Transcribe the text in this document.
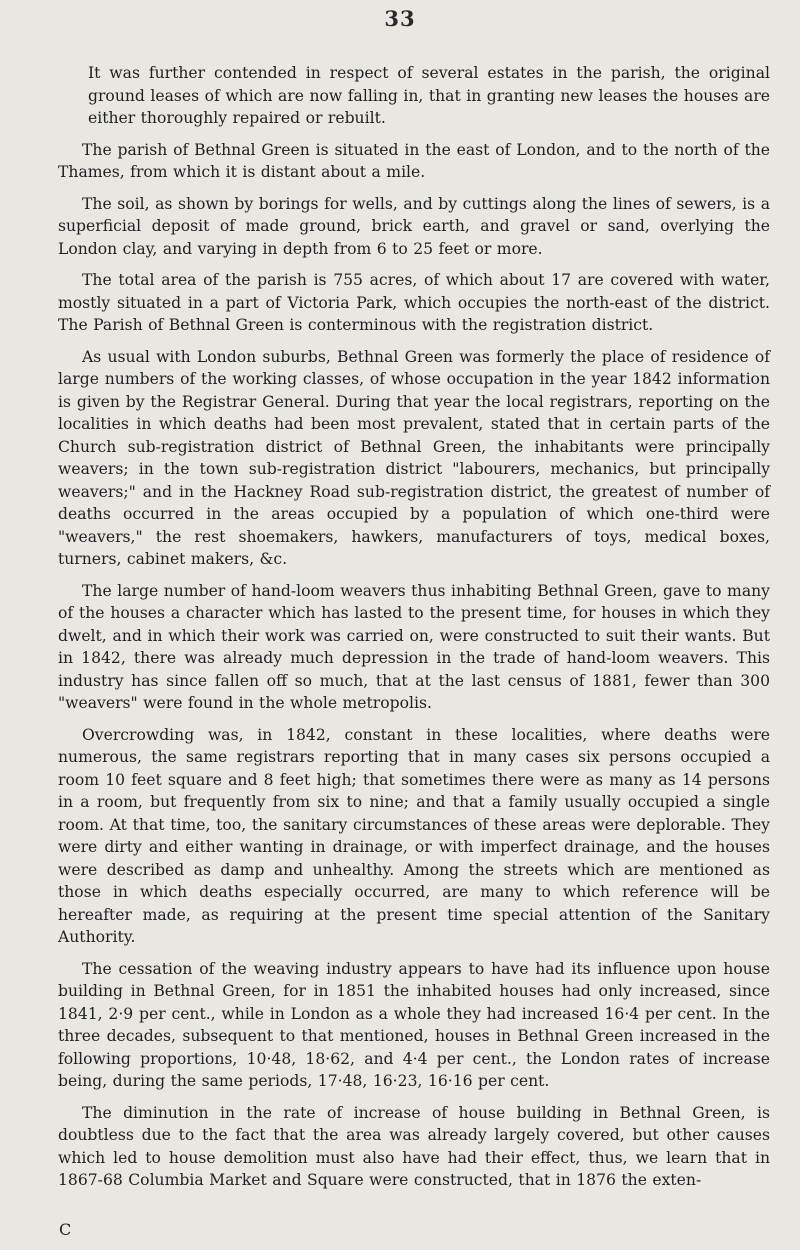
33

It was further contended in respect of several estates in the parish, the original ground leases of which are now falling in, that in granting new leases the houses are either thoroughly repaired or rebuilt.

The parish of Bethnal Green is situated in the east of London, and to the north of the Thames, from which it is distant about a mile.

The soil, as shown by borings for wells, and by cuttings along the lines of sewers, is a superficial deposit of made ground, brick earth, and gravel or sand, overlying the London clay, and varying in depth from 6 to 25 feet or more.

The total area of the parish is 755 acres, of which about 17 are covered with water, mostly situated in a part of Victoria Park, which occupies the north-east of the district. The Parish of Bethnal Green is conterminous with the registration district.

As usual with London suburbs, Bethnal Green was formerly the place of residence of large numbers of the working classes, of whose occupation in the year 1842 information is given by the Registrar General. During that year the local registrars, reporting on the localities in which deaths had been most prevalent, stated that in certain parts of the Church sub-registration district of Bethnal Green, the inhabitants were principally weavers; in the town sub-registration district "labourers, mechanics, but principally weavers;" and in the Hackney Road sub-registration district, the greatest of number of deaths occurred in the areas occupied by a population of which one-third were "weavers," the rest shoemakers, hawkers, manufacturers of toys, medical boxes, turners, cabinet makers, &c.

The large number of hand-loom weavers thus inhabiting Bethnal Green, gave to many of the houses a character which has lasted to the present time, for houses in which they dwelt, and in which their work was carried on, were constructed to suit their wants. But in 1842, there was already much depression in the trade of hand-loom weavers. This industry has since fallen off so much, that at the last census of 1881, fewer than 300 "weavers" were found in the whole metropolis.

Overcrowding was, in 1842, constant in these localities, where deaths were numerous, the same registrars reporting that in many cases six persons occupied a room 10 feet square and 8 feet high; that sometimes there were as many as 14 persons in a room, but frequently from six to nine; and that a family usually occupied a single room. At that time, too, the sanitary circumstances of these areas were deplorable. They were dirty and either wanting in drainage, or with imperfect drainage, and the houses were described as damp and unhealthy. Among the streets which are mentioned as those in which deaths especially occurred, are many to which reference will be hereafter made, as requiring at the present time special attention of the Sanitary Authority.

The cessation of the weaving industry appears to have had its influence upon house building in Bethnal Green, for in 1851 the inhabited houses had only increased, since 1841, 2·9 per cent., while in London as a whole they had increased 16·4 per cent. In the three decades, subsequent to that mentioned, houses in Bethnal Green increased in the following proportions, 10·48, 18·62, and 4·4 per cent., the London rates of increase being, during the same periods, 17·48, 16·23, 16·16 per cent.

The diminution in the rate of increase of house building in Bethnal Green, is doubtless due to the fact that the area was already largely covered, but other causes which led to house demolition must also have had their effect, thus, we learn that in 1867-68 Columbia Market and Square were constructed, that in 1876 the exten-

C
